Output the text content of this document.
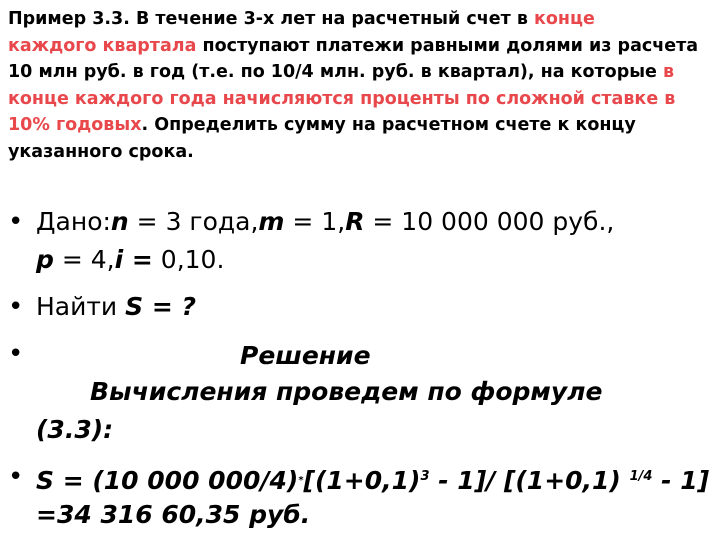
Пример 3.3. В течение 3-х лет на расчетный счет в конце
каждого квартала поступают платежи равными долями из расчета 10 млн руб. в год (т.е. по 10/4 млн. руб. в квартал), на которые в конце каждого года начисляются проценты по сложной ставке в 10% годовых. Определить сумму на расчетном счете к концу указанного срока.
• Дано:n = 3 года,m = 1,R = 10 000 000 руб.,
p = 4,i = 0,10.
• Найти S = ?
•	Решение
Вычисления проведем по формуле
(3.3):
• S = (10 000 $000/4)^*[(1+0,1)^3 - 1]/$ [(1+0,1) $^{1/4}$ - 1]
=34 316 60,35 руб.
